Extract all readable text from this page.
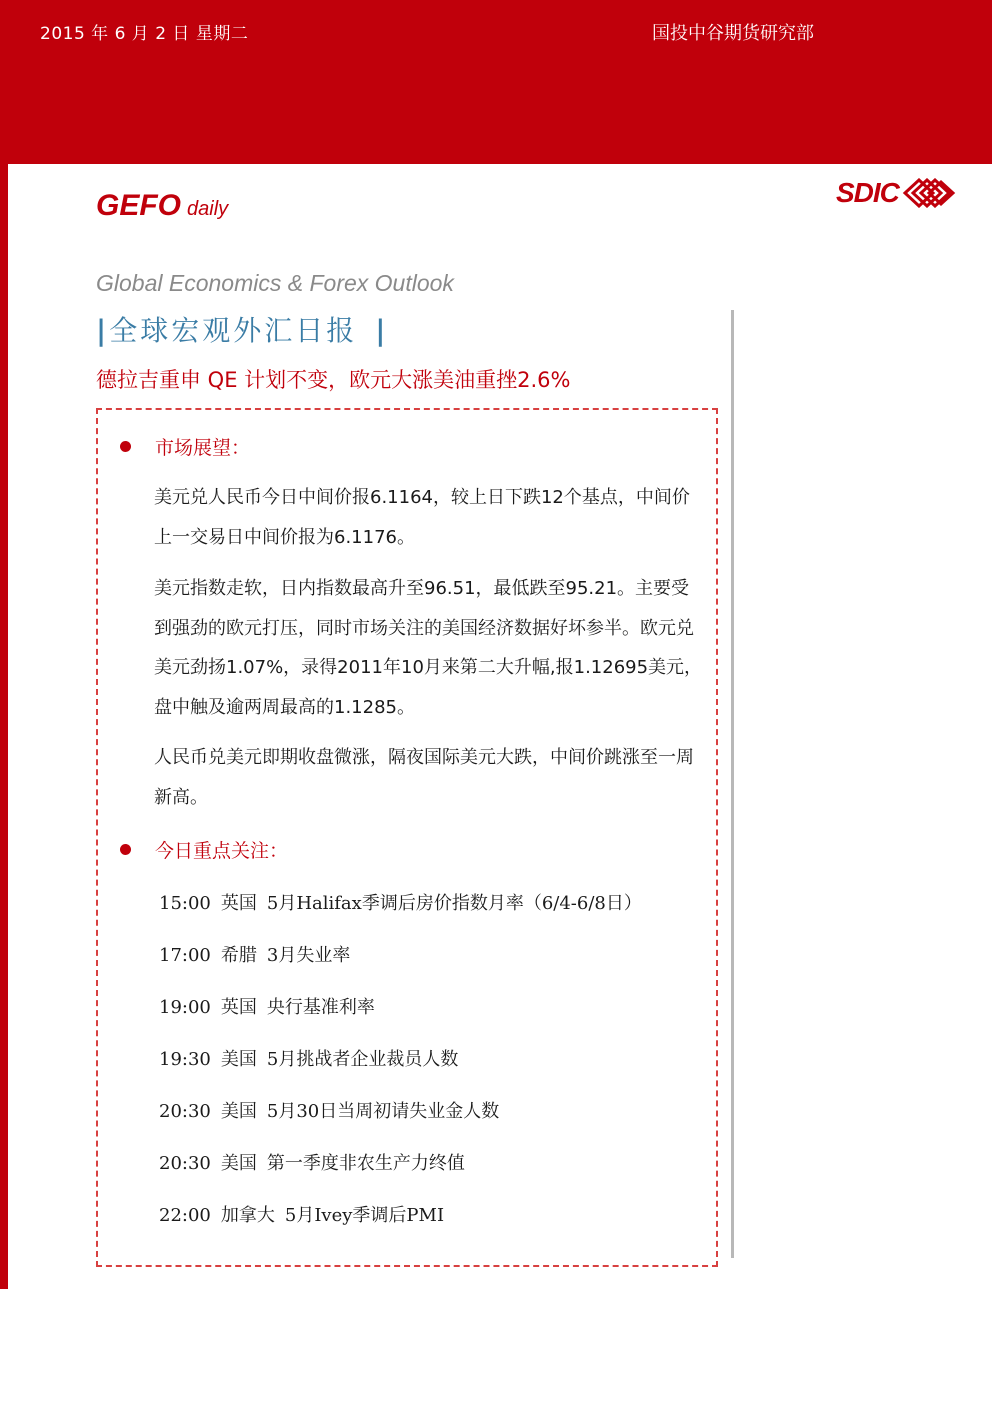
2015 年 6 月 2 日 星期二	国投中谷期货研究部
GEFO daily
SDIC
Global Economics & Forex Outlook
|全球宏观外汇日报 |
德拉吉重申 QE 计划不变，欧元大涨美油重挫2.6%
市场展望：
美元兑人民币今日中间价报6.1164，较上日下跌12个基点，中间价上一交易日中间价报为6.1176。
美元指数走软，日内指数最高升至96.51，最低跌至95.21。主要受到强劲的欧元打压，同时市场关注的美国经济数据好坏参半。欧元兑美元劲扬1.07%，录得2011年10月来第二大升幅,报1.12695美元，盘中触及逾两周最高的1.1285。
人民币兑美元即期收盘微涨，隔夜国际美元大跌，中间价跳涨至一周新高。
今日重点关注：
15:00 英国 5月Halifax季调后房价指数月率（6/4-6/8日）
17:00 希腊 3月失业率
19:00 英国 央行基准利率
19:30 美国 5月挑战者企业裁员人数
20:30 美国 5月30日当周初请失业金人数
20:30 美国 第一季度非农生产力终值
22:00 加拿大 5月Ivey季调后PMI
